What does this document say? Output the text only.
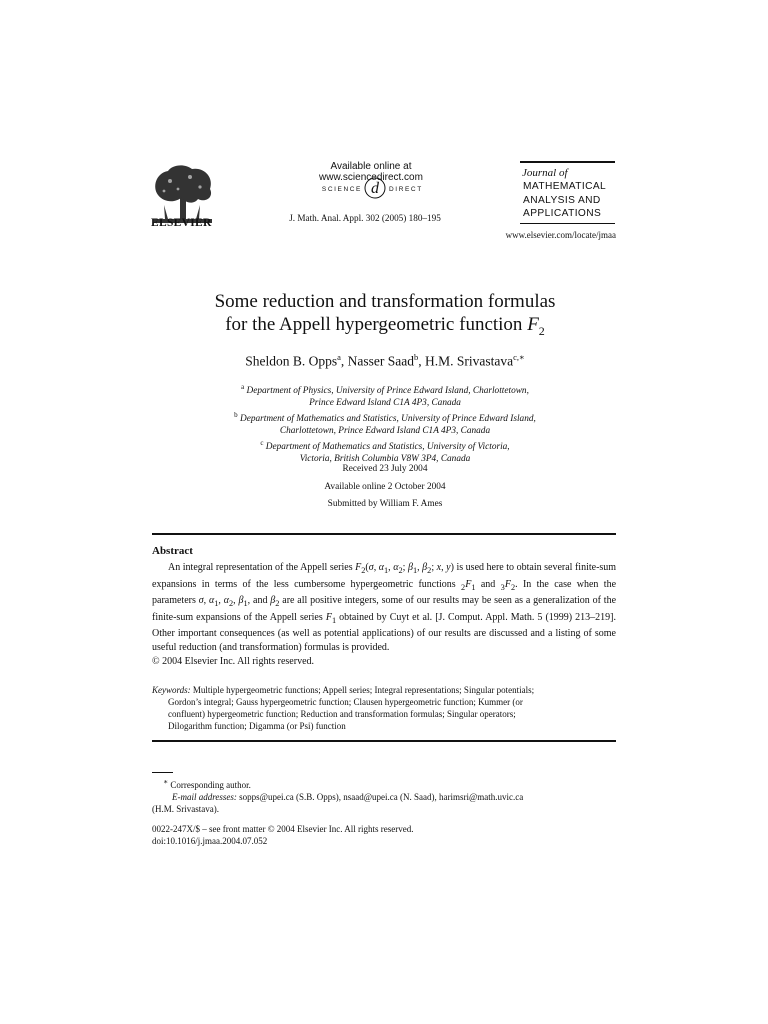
ELSEVIER
Available online at www.sciencedirect.com
SCIENCE d DIRECT
J. Math. Anal. Appl. 302 (2005) 180–195
Journal of
MATHEMATICAL
ANALYSIS AND
APPLICATIONS
www.elsevier.com/locate/jmaa
Some reduction and transformation formulas
for the Appell hypergeometric function $F_2$
Sheldon B. Opps$^a$, Nasser Saad$^b$, H.M. Srivastava$^{c,∗}$
$^a$ Department of Physics, University of Prince Edward Island, Charlottetown,
Prince Edward Island C1A 4P3, Canada
$^b$ Department of Mathematics and Statistics, University of Prince Edward Island,
Charlottetown, Prince Edward Island C1A 4P3, Canada
$^c$ Department of Mathematics and Statistics, University of Victoria,
Victoria, British Columbia V8W 3P4, Canada
Received 23 July 2004
Available online 2 October 2004
Submitted by William F. Ames
Abstract

An integral representation of the Appell series $F_2(\sigma$, $\alpha_1$, $\alpha_2$; $\beta_1$, $\beta_2$; x, y) is used here to obtain several finite-sum expansions in terms of the less cumbersome hypergeometric functions $_2F_1$ and $_3F_2$. In the case when the parameters σ, $\alpha_1$, $\alpha_2$, $\beta_1$, and $\beta_2$ are all positive integers, some of our results may be seen as a generalization of the finite-sum expansions of the Appell series $F_1$ obtained by Cuyt et al. [J. Comput. Appl. Math. 5 (1999) 213–219]. Other important consequences (as well as potential applications) of our results are discussed and a listing of some useful reduction (and transformation) formulas is provided.

© 2004 Elsevier Inc. All rights reserved.

Keywords: Multiple hypergeometric functions; Appell series; Integral representations; Singular potentials;
Gordon’s integral; Gauss hypergeometric function; Clausen hypergeometric function; Kummer (or
confluent) hypergeometric function; Reduction and transformation formulas; Singular operators;
Dilogarithm function; Digamma (or Psi) function
∗ Corresponding author.
E-mail addresses: sopps@upei.ca (S.B. Opps), nsaad@upei.ca (N. Saad), harimsri@math.uvic.ca
(H.M. Srivastava).
0022-247X/$ – see front matter © 2004 Elsevier Inc. All rights reserved.
doi:10.1016/j.jmaa.2004.07.052
